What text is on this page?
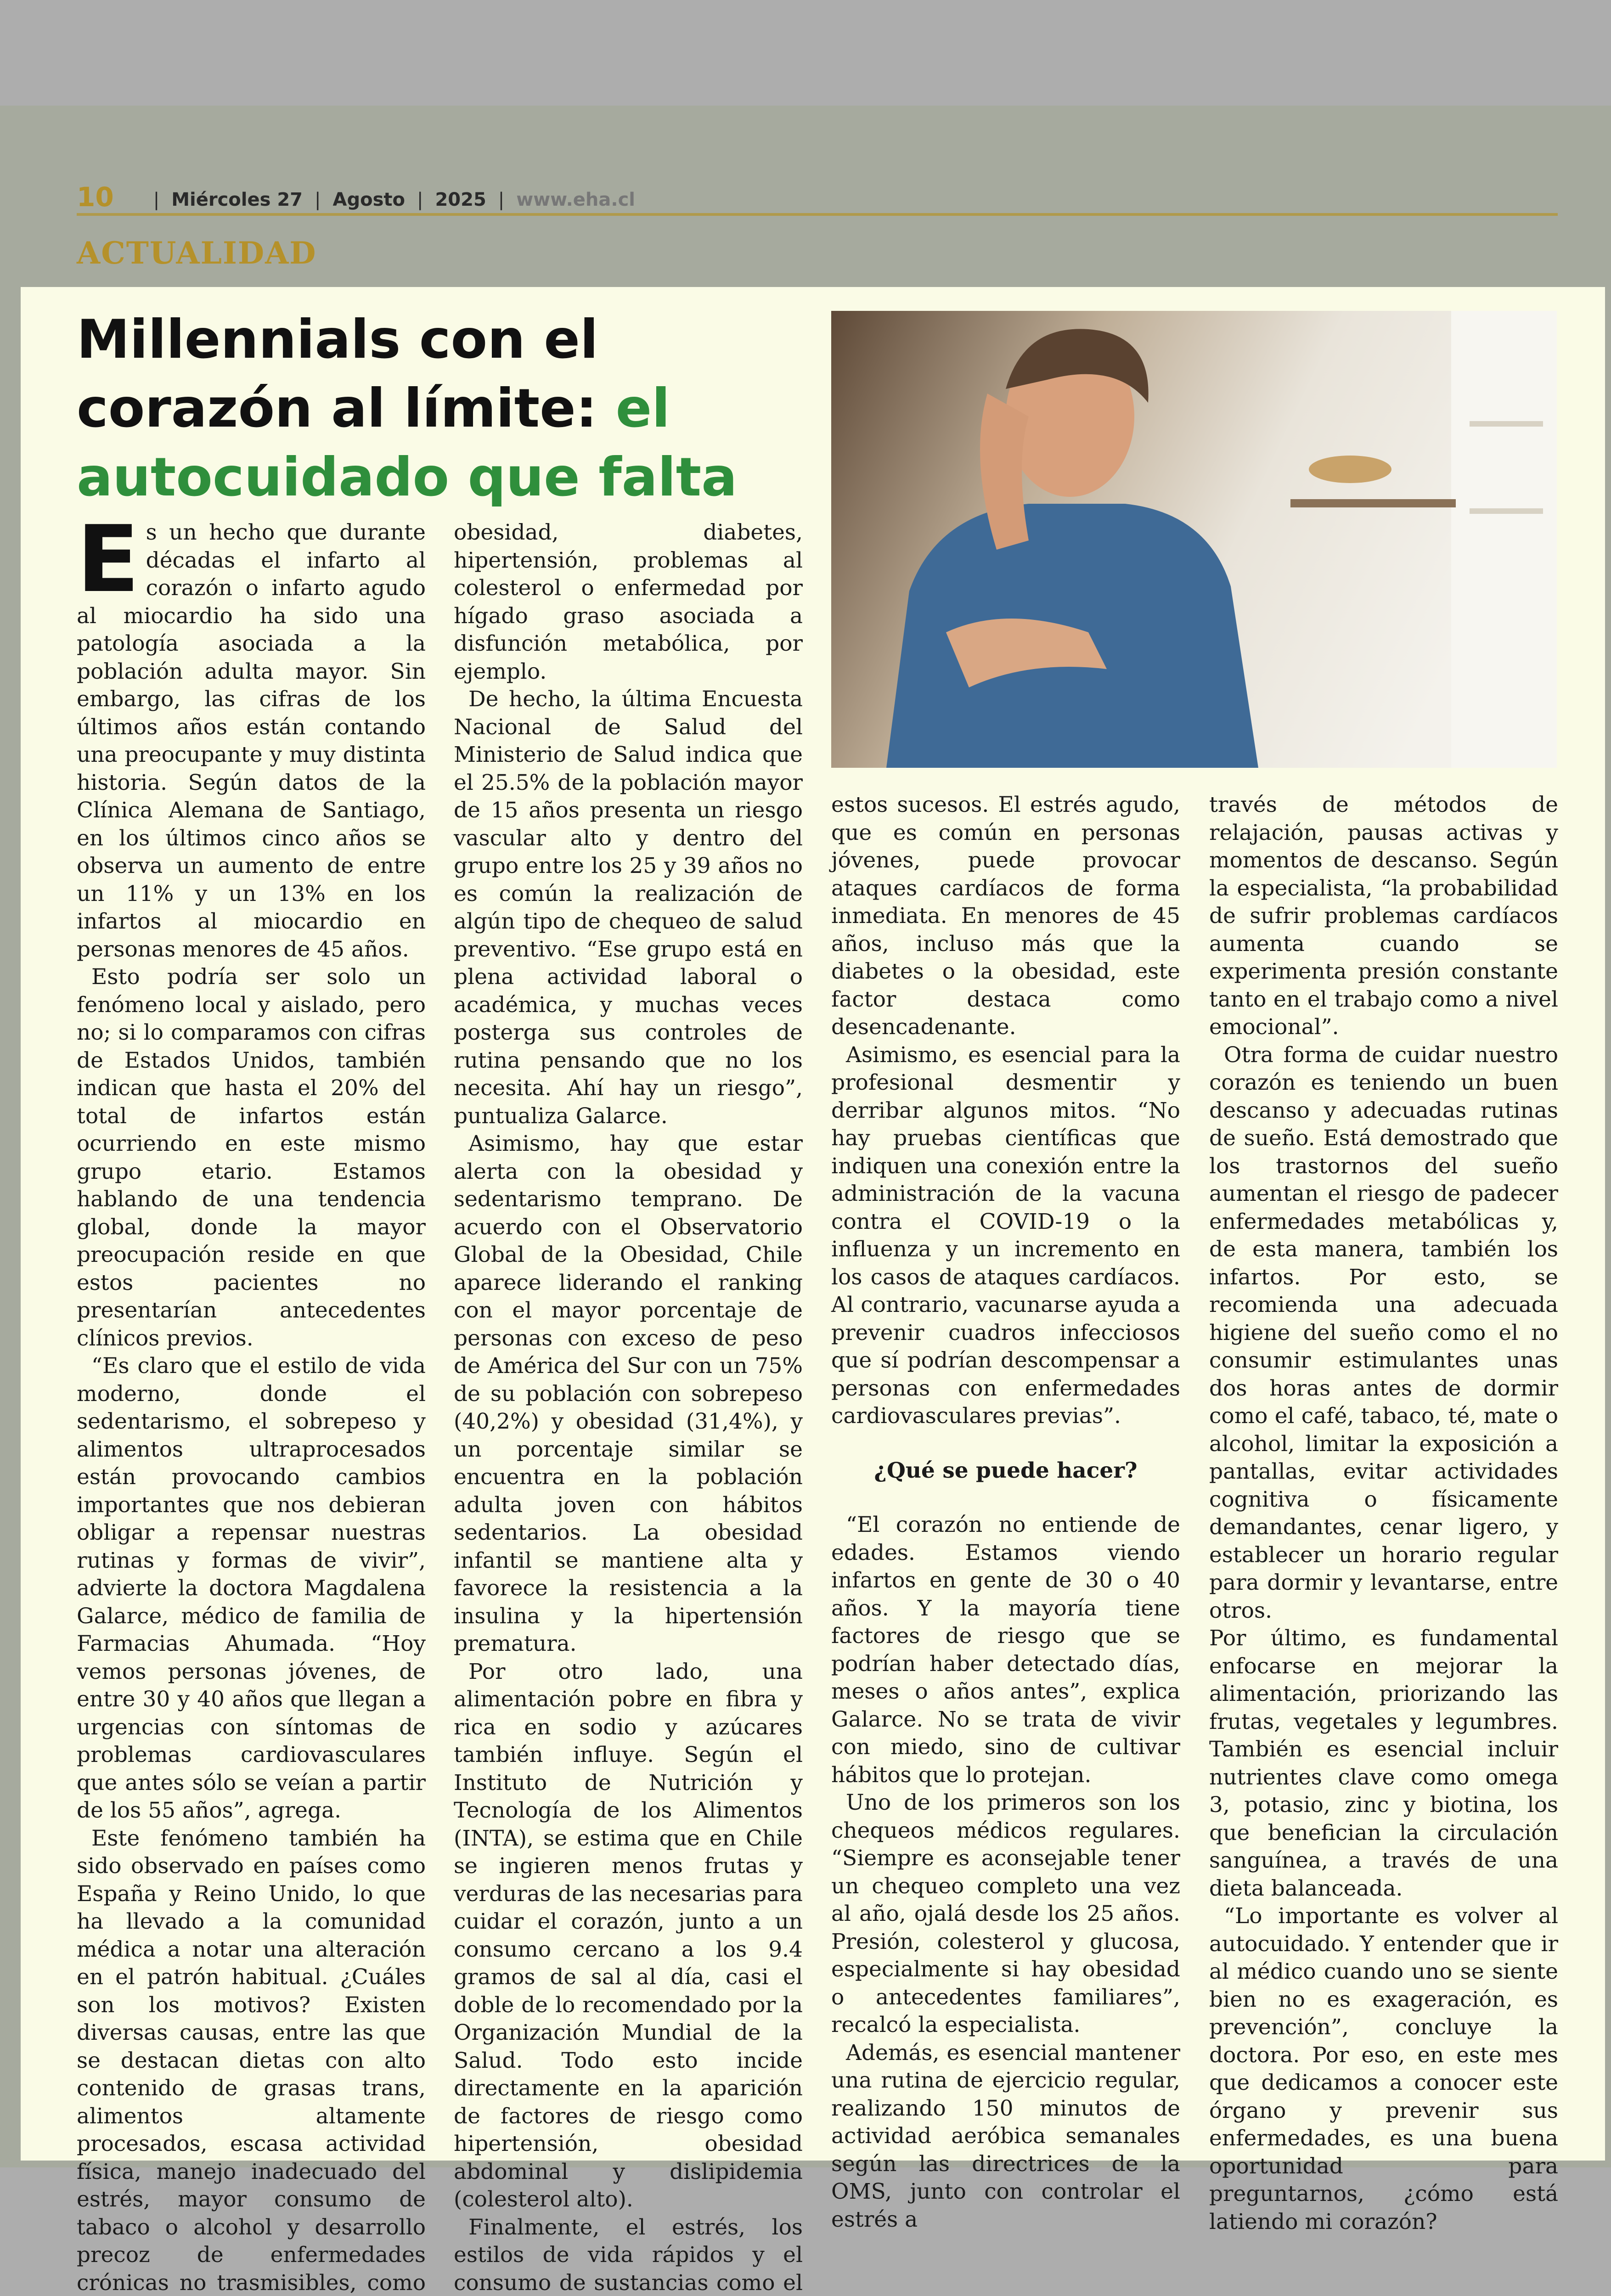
10 | Miércoles 27 | Agosto | 2025 | www.eha.cl
ACTUALIDAD
Millennials con el corazón al límite: el autocuidado que falta
E s un hecho que durante décadas el infarto al corazón o infarto agudo al miocardio ha sido una patología asociada a la población adulta mayor. Sin embargo, las cifras de los últimos años están contando una preocupante y muy distinta historia. Según datos de la Clínica Alemana de Santiago, en los últimos cinco años se observa un aumento de entre un 11% y un 13% en los infartos al miocardio en personas menores de 45 años.

Esto podría ser solo un fenómeno local y aislado, pero no; si lo comparamos con cifras de Estados Unidos, también indican que hasta el 20% del total de infartos están ocurriendo en este mismo grupo etario. Estamos hablando de una tendencia global, donde la mayor preocupación reside en que estos pacientes no presentarían antecedentes clínicos previos.

“Es claro que el estilo de vida moderno, donde el sedentarismo, el sobrepeso y alimentos ultraprocesados están provocando cambios importantes que nos debieran obligar a repensar nuestras rutinas y formas de vivir”, advierte la doctora Magdalena Galarce, médico de familia de Farmacias Ahumada. “Hoy vemos personas jóvenes, de entre 30 y 40 años que llegan a urgencias con síntomas de problemas cardiovasculares que antes sólo se veían a partir de los 55 años”, agrega.

Este fenómeno también ha sido observado en países como España y Reino Unido, lo que ha llevado a la comunidad médica a notar una alteración en el patrón habitual. ¿Cuáles son los motivos? Existen diversas causas, entre las que se destacan dietas con alto contenido de grasas trans, alimentos altamente procesados, escasa actividad física, manejo inadecuado del estrés, mayor consumo de tabaco o alcohol y desarrollo precoz de enfermedades crónicas no trasmisibles, como

obesidad, diabetes, hipertensión, problemas al colesterol o enfermedad por hígado graso asociada a disfunción metabólica, por ejemplo.

De hecho, la última Encuesta Nacional de Salud del Ministerio de Salud indica que el 25.5% de la población mayor de 15 años presenta un riesgo vascular alto y dentro del grupo entre los 25 y 39 años no es común la realización de algún tipo de chequeo de salud preventivo. “Ese grupo está en plena actividad laboral o académica, y muchas veces posterga sus controles de rutina pensando que no los necesita. Ahí hay un riesgo”, puntualiza Galarce.

Asimismo, hay que estar alerta con la obesidad y sedentarismo temprano. De acuerdo con el Observatorio Global de la Obesidad, Chile aparece liderando el ranking con el mayor porcentaje de personas con exceso de peso de América del Sur con un 75% de su población con sobrepeso (40,2%) y obesidad (31,4%), y un porcentaje similar se encuentra en la población adulta joven con hábitos sedentarios. La obesidad infantil se mantiene alta y favorece la resistencia a la insulina y la hipertensión prematura.

Por otro lado, una alimentación pobre en fibra y rica en sodio y azúcares también influye. Según el Instituto de Nutrición y Tecnología de los Alimentos (INTA), se estima que en Chile se ingieren menos frutas y verduras de las necesarias para cuidar el corazón, junto a un consumo cercano a los 9.4 gramos de sal al día, casi el doble de lo recomendado por la Organización Mundial de la Salud. Todo esto incide directamente en la aparición de factores de riesgo como hipertensión, obesidad abdominal y dislipidemia (colesterol alto).

Finalmente, el estrés, los estilos de vida rápidos y el consumo de sustancias como el

estos sucesos. El estrés agudo, que es común en personas jóvenes, puede provocar ataques cardíacos de forma inmediata. En menores de 45 años, incluso más que la diabetes o la obesidad, este factor destaca como desencadenante.

Asimismo, es esencial para la profesional desmentir y derribar algunos mitos. “No hay pruebas científicas que indiquen una conexión entre la administración de la vacuna contra el COVID-19 o la influenza y un incremento en los casos de ataques cardíacos. Al contrario, vacunarse ayuda a prevenir cuadros infecciosos que sí podrían descompensar a personas con enfermedades cardiovasculares previas”.

¿Qué se puede hacer?

“El corazón no entiende de edades. Estamos viendo infartos en gente de 30 o 40 años. Y la mayoría tiene factores de riesgo que se podrían haber detectado días, meses o años antes”, explica Galarce. No se trata de vivir con miedo, sino de cultivar hábitos que lo protejan.

Uno de los primeros son los chequeos médicos regulares. “Siempre es aconsejable tener un chequeo completo una vez al año, ojalá desde los 25 años. Presión, colesterol y glucosa, especialmente si hay obesidad o antecedentes familiares”, recalcó la especialista.

Además, es esencial mantener una rutina de ejercicio regular, realizando 150 minutos de actividad aeróbica semanales según las directrices de la OMS, junto con controlar el estrés a

través de métodos de relajación, pausas activas y momentos de descanso. Según la especialista, “la probabilidad de sufrir problemas cardíacos aumenta cuando se experimenta presión constante tanto en el trabajo como a nivel emocional”.

Otra forma de cuidar nuestro corazón es teniendo un buen descanso y adecuadas rutinas de sueño. Está demostrado que los trastornos del sueño aumentan el riesgo de padecer enfermedades metabólicas y, de esta manera, también los infartos. Por esto, se recomienda una adecuada higiene del sueño como el no consumir estimulantes unas dos horas antes de dormir como el café, tabaco, té, mate o alcohol, limitar la exposición a pantallas, evitar actividades cognitiva o físicamente demandantes, cenar ligero, y establecer un horario regular para dormir y levantarse, entre otros.

Por último, es fundamental enfocarse en mejorar la alimentación, priorizando las frutas, vegetales y legumbres. También es esencial incluir nutrientes clave como omega 3, potasio, zinc y biotina, los que benefician la circulación sanguínea, a través de una dieta balanceada.

“Lo importante es volver al autocuidado. Y entender que ir al médico cuando uno se siente bien no es exageración, es prevención”, concluye la doctora. Por eso, en este mes que dedicamos a conocer este órgano y prevenir sus enfermedades, es una buena oportunidad para preguntarnos, ¿cómo está latiendo mi corazón?
